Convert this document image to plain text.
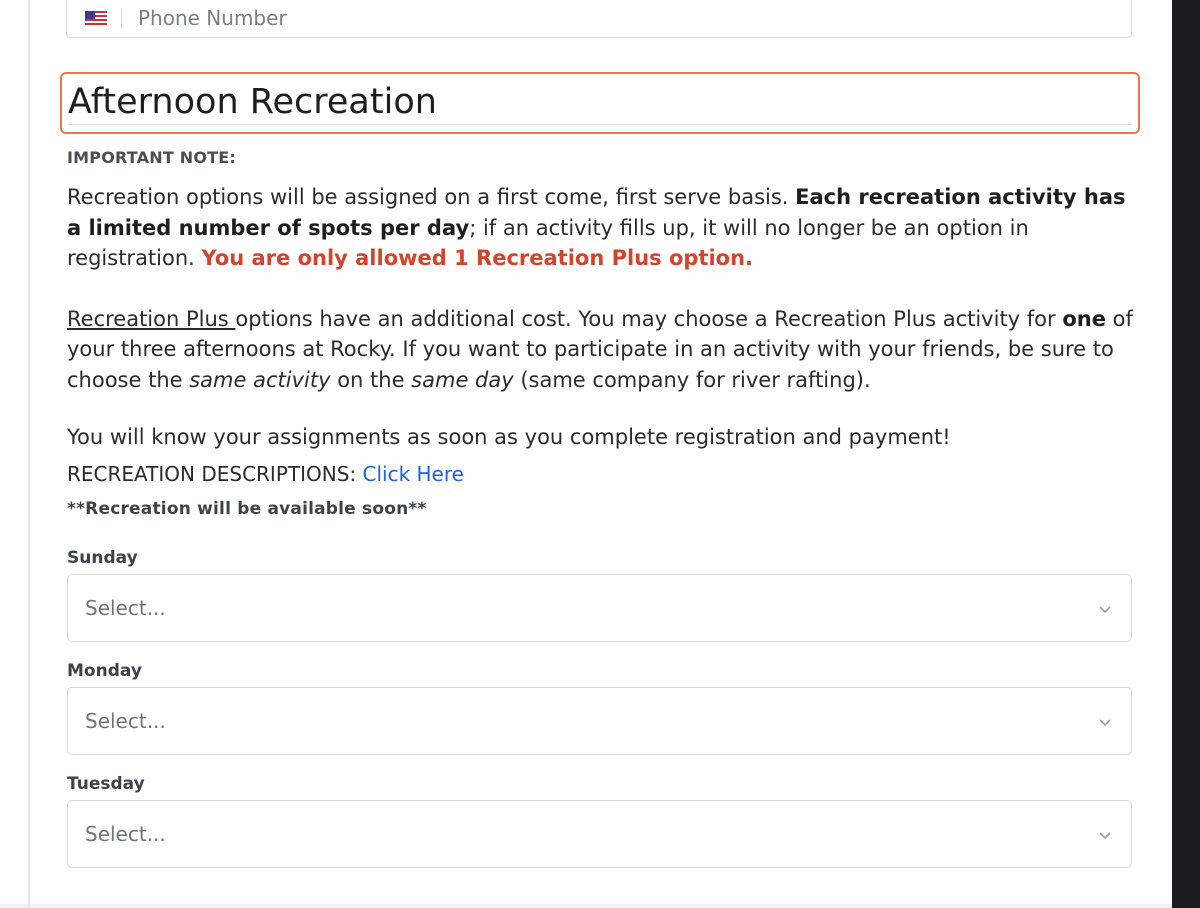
Phone Number
Afternoon Recreation

IMPORTANT NOTE:

Recreation options will be assigned on a first come, first serve basis. Each recreation activity has a limited number of spots per day; if an activity fills up, it will no longer be an option in registration. You are only allowed 1 Recreation Plus option.

Recreation Plus options have an additional cost. You may choose a Recreation Plus activity for one of your three afternoons at Rocky. If you want to participate in an activity with your friends, be sure to choose the same activity on the same day (same company for river rafting).

You will know your assignments as soon as you complete registration and payment!

RECREATION DESCRIPTIONS: Click Here

**Recreation will be available soon**

Sunday

Select...

Monday

Select...

Tuesday

Select...
